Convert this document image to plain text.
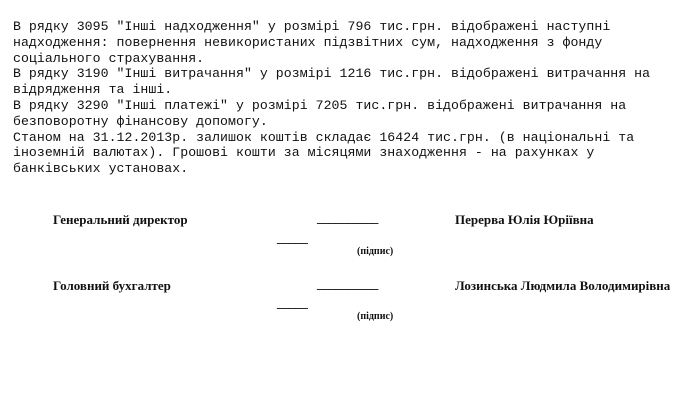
В рядку 3095 "Інші надходження" у розмірі 796 тис.грн. відображені наступні
надходження: повернення невикористаних підзвітних сум, надходження з фонду
соціального страхування.
В рядку 3190 "Інші витрачання" у розмірі 1216 тис.грн. відображені витрачання на
відрядження та інші.
В рядку 3290 "Інші платежі" у розмірі 7205 тис.грн. відображені витрачання на
безповоротну фінансову допомогу.
Станом на 31.12.2013р. залишок коштів складає 16424 тис.грн. (в національні та
іноземній валютах). Грошові кошти за місяцями знаходження - на рахунках у
банківських установах.
Генеральний директор	__________
_____
(підпис)
Перерва Юлія Юріївна
Головний бухгалтер	__________
_____
(підпис)
Лозинська Людмила Володимирівна
